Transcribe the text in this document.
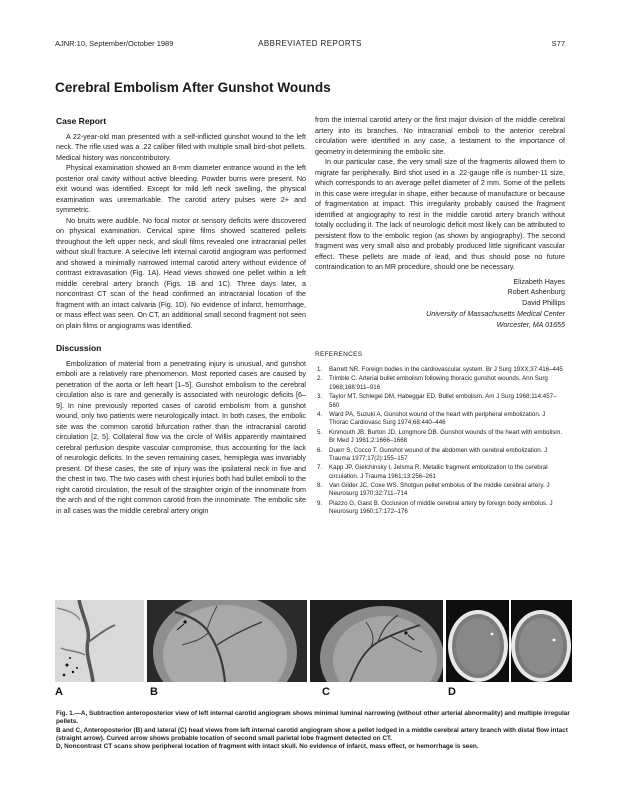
AJNR:10, September/October 1989	ABBREVIATED REPORTS	S77
Cerebral Embolism After Gunshot Wounds
Case Report

A 22-year-old man presented with a self-inflicted gunshot wound to the left neck. The rifle used was a .22 caliber filled with multiple small bird-shot pellets. Medical history was noncontributory.

Physical examination showed an 8-mm diameter entrance wound in the left posterior oral cavity without active bleeding. Powder burns were present. No exit wound was identified. Except for mild left neck swelling, the physical examination was unremarkable. The carotid artery pulses were 2+ and symmetric.

No bruits were audible. No focal motor or sensory deficits were discovered on physical examination. Cervical spine films showed scattered pellets throughout the left upper neck, and skull films revealed one intracranial pellet without skull fracture. A selective left internal carotid angiogram was performed and showed a minimally narrowed internal carotid artery without evidence of contrast extravasation (Fig. 1A). Head views showed one pellet within a left middle cerebral artery branch (Figs. 1B and 1C). Three days later, a noncontrast CT scan of the head confirmed an intracranial location of the fragment with an intact calvaria (Fig. 1D). No evidence of infarct, hemorrhage, or mass effect was seen. On CT, an additional small second fragment not seen on plain films or angiograms was identified.

Discussion

Embolization of material from a penetrating injury is unusual, and gunshot emboli are a relatively rare phenomenon. Most reported cases are caused by penetration of the aorta or left heart [1–5]. Gunshot embolism to the cerebral circulation also is rare and generally is associated with neurologic deficits [6–9]. In nine previously reported cases of carotid embolism from a gunshot wound, only two patients were neurologically intact. In both cases, the embolic site was the common carotid bifurcation rather than the intracranial carotid circulation [2, 5]. Collateral flow via the circle of Willis apparently maintained cerebral perfusion despite vascular compromise, thus accounting for the lack of neurologic deficits. In the seven remaining cases, hemiplegia was invariably present. Of these cases, the site of injury was the ipsilateral neck in five and the chest in two. The two cases with chest injuries both had bullet emboli to the right carotid circulation, the result of the straighter origin of the innominate from the arch and of the right common carotid from the innominate. The embolic site in all cases was the middle cerebral artery origin

from the internal carotid artery or the first major division of the middle cerebral artery into its branches. No intracranial emboli to the anterior cerebral circulation were identified in any case, a testament to the importance of geometry in determining the embolic site.

In our particular case, the very small size of the fragments allowed them to migrate far peripherally. Bird shot used in a .22-gauge rifle is number-11 size, which corresponds to an average pellet diameter of 2 mm. Some of the pellets in this case were irregular in shape, either because of manufacture or because of fragmentation at impact. This irregularity probably caused the fragment identified at angiography to rest in the middle carotid artery branch without totally occluding it. The lack of neurologic deficit most likely can be attributed to persistent flow to the embolic region (as shown by angiography). The second fragment was very small also and probably produced little significant vascular effect. These pellets are made of lead, and thus should pose no future contraindication to an MR procedure, should one be necessary.

Elizabeth Hayes
Robert Ashenburg
David Phillips
University of Massachusetts Medical Center
Worcester, MA 01655
REFERENCES
1. Barrett NR. Foreign bodies in the cardiovascular system. Br J Surg 19XX;37:416–445
2. Trimble C. Arterial bullet embolism following thoracic gunshot wounds. Ann Surg 1968;168:911–916
3. Taylor MT, Schlegel DM, Habeggar ED. Bullet embolism. Am J Surg 1968;114:457–560
4. Ward PA, Suzuki A. Gunshot wound of the heart with peripheral embolization. J Thorac Cardiovasc Surg 1974;68:440–446
5. Kinmouth JB, Burton JD, Longmore DB. Gunshot wounds of the heart with embolism. Br Med J 1961;2:1666–1668
6. Duerr S, Cocco T. Gunshot wound of the abdomen with cerebral embolization. J Trauma 1977;17(2):155–157
7. Kapp JP, Gielchinsky I, Jelsma R. Metallic fragment embolization to the cerebral circulation. J Trauma 1961;13:256–261
8. Van Gilder JC, Coxe WS. Shotgun pellet embolus of the middle cerebral artery. J Neurosurg 1970;32:711–714
9. Piazzo G, Gaist B. Occlusion of middle cerebral artery by foreign body embolus. J Neurosurg 1960;17:172–176
A	B	C	D

Fig. 1.—A, Subtraction anteroposterior view of left internal carotid angiogram shows minimal luminal narrowing (without other arterial abnormality) and multiple irregular pellets.

B and C, Anteroposterior (B) and lateral (C) head views from left internal carotid angiogram show a pellet lodged in a middle cerebral artery branch with distal flow intact (straight arrow). Curved arrow shows probable location of second small parietal lobe fragment detected on CT.

D, Noncontrast CT scans show peripheral location of fragment with intact skull. No evidence of infarct, mass effect, or hemorrhage is seen.
